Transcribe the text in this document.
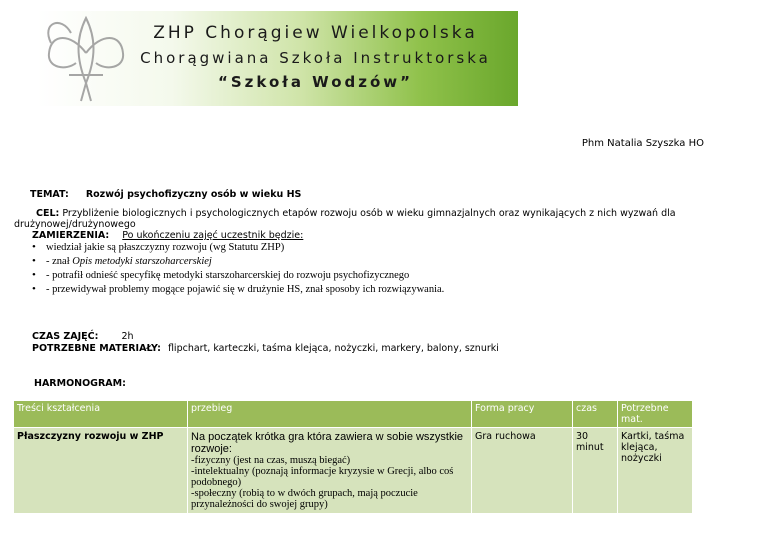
ZHP Chorągiew Wielkopolska
Chorągwiana Szkoła Instruktorska
“Szkoła Wodzów”
Phm Natalia Szyszka HO
TEMAT: Rozwój psychofizyczny osób w wieku HS
CEL: Przybliżenie biologicznych i psychologicznych etapów rozwoju osób w wieku gimnazjalnych oraz wynikających z nich wyzwań dla
drużynowej/drużynowego
ZAMIERZENIA: Po ukończeniu zajęć uczestnik będzie:
• wiedział jakie są płaszczyzny rozwoju (wg Statutu ZHP)
• - znał Opis metodyki starszoharcerskiej
• - potrafił odnieść specyfikę metodyki starszoharcerskiej do rozwoju psychofizycznego
• - przewidywał problemy mogące pojawić się w drużynie HS, znał sposoby ich rozwiązywania.
CZAS ZAJĘĆ: 2h
POTRZEBNE MATERIAŁY: flipchart, karteczki, taśma klejąca, nożyczki, markery, balony, sznurki
HARMONOGRAM:
Treści kształcenia	przebieg	Forma pracy	czas	Potrzebne mat.
Płaszczyzny rozwoju w ZHP	Na początek krótka gra która zawiera w sobie wszystkie rozwoje:
-fizyczny (jest na czas, muszą biegać)
-intelektualny (poznają informacje kryzysie w Grecji, albo coś podobnego)
-społeczny (robią to w dwóch grupach, mają poczucie przynależności do swojej grupy)	Gra ruchowa	30 minut	Kartki, taśma klejąca, nożyczki
